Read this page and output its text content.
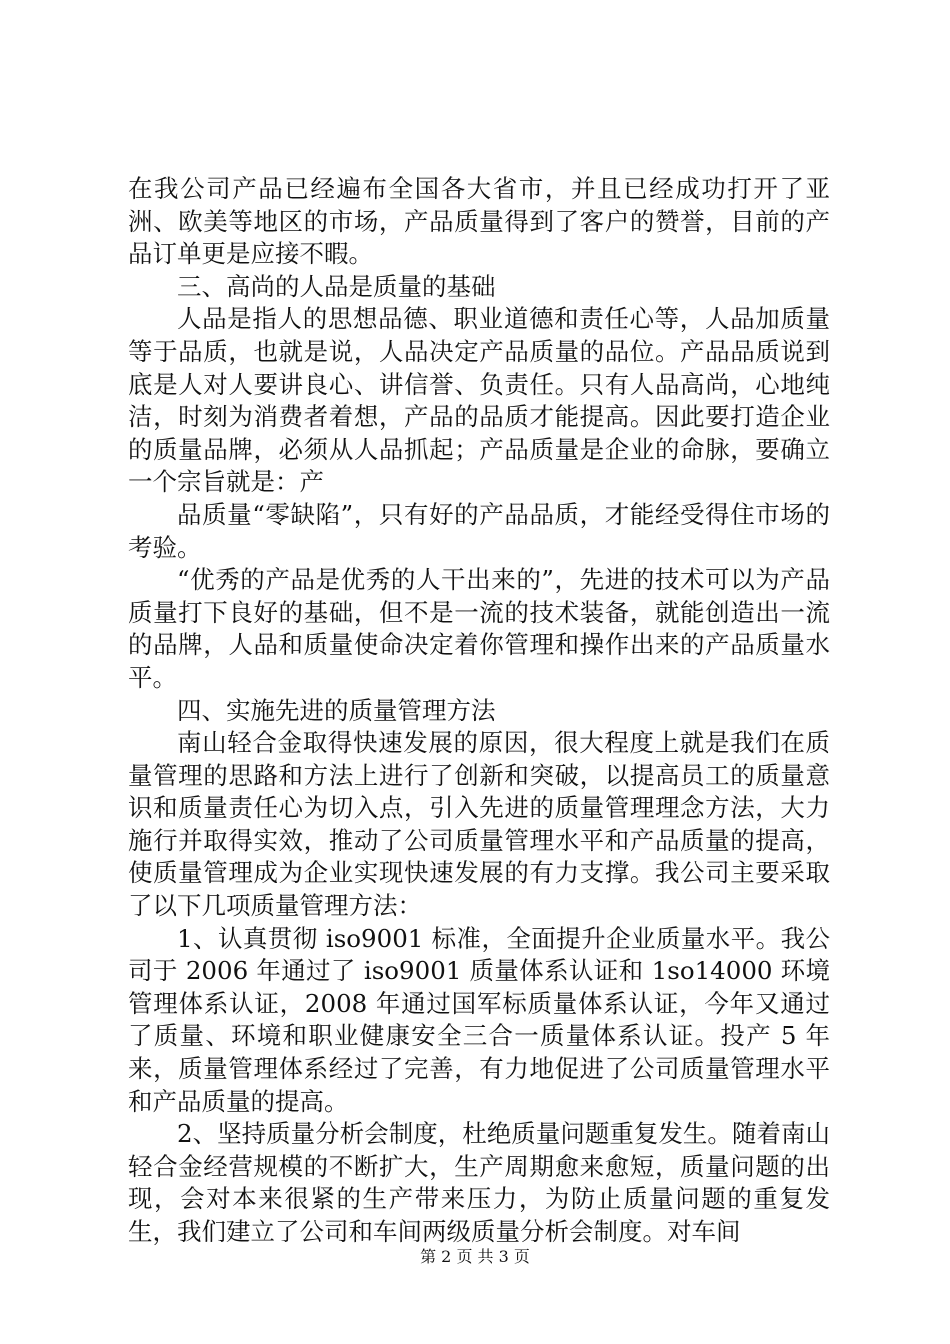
在我公司产品已经遍布全国各大省市，并且已经成功打开了亚洲、欧美等地区的市场，产品质量得到了客户的赞誉，目前的产品订单更是应接不暇。

三、高尚的人品是质量的基础

人品是指人的思想品德、职业道德和责任心等，人品加质量等于品质，也就是说，人品决定产品质量的品位。产品品质说到底是人对人要讲良心、讲信誉、负责任。只有人品高尚，心地纯洁，时刻为消费者着想，产品的品质才能提高。因此要打造企业的质量品牌，必须从人品抓起；产品质量是企业的命脉，要确立一个宗旨就是：产

品质量“零缺陷”，只有好的产品品质，才能经受得住市场的考验。

“优秀的产品是优秀的人干出来的”，先进的技术可以为产品质量打下良好的基础，但不是一流的技术装备，就能创造出一流的品牌，人品和质量使命决定着你管理和操作出来的产品质量水平。

四、实施先进的质量管理方法

南山轻合金取得快速发展的原因，很大程度上就是我们在质量管理的思路和方法上进行了创新和突破，以提高员工的质量意识和质量责任心为切入点，引入先进的质量管理理念方法，大力施行并取得实效，推动了公司质量管理水平和产品质量的提高，使质量管理成为企业实现快速发展的有力支撑。我公司主要采取了以下几项质量管理方法：

1、认真贯彻 iso9001 标准，全面提升企业质量水平。我公司于 2006 年通过了 iso9001 质量体系认证和 1so14000 环境管理体系认证，2008 年通过国军标质量体系认证，今年又通过了质量、环境和职业健康安全三合一质量体系认证。投产 5 年来，质量管理体系经过了完善，有力地促进了公司质量管理水平和产品质量的提高。

2、坚持质量分析会制度，杜绝质量问题重复发生。随着南山轻合金经营规模的不断扩大，生产周期愈来愈短，质量问题的出现，会对本来很紧的生产带来压力，为防止质量问题的重复发生，我们建立了公司和车间两级质量分析会制度。对车间

第 2 页 共 3 页
